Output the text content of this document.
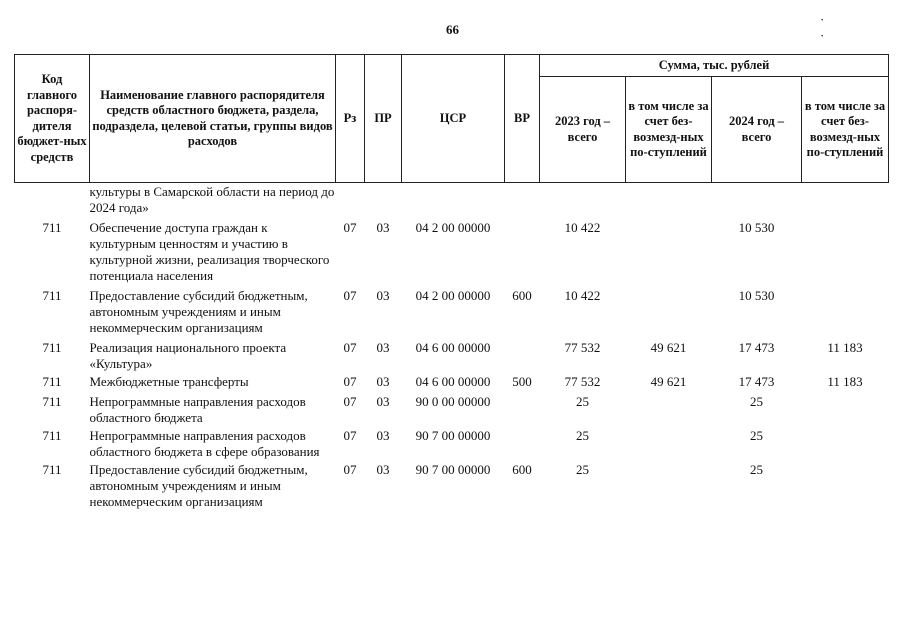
66
· ·
Код главного распоря-дителя бюджет-ных средств	Наименование главного распорядителя средств областного бюджета, раздела, подраздела, целевой статьи, группы видов расходов	Рз	ПР	ЦСР	ВР	Сумма, тыс. рублей			
						2023 год – всего	в том числе за счет без-возмезд-ных по-ступлений	2024 год – всего	в том числе за счет без-возмезд-ных по-ступлений
	культуры в Самарской области на период до 2024 года»								
711	Обеспечение доступа граждан к культурным ценностям и участию в культурной жизни, реализация творческого потенциала населения	07	03	04 2 00 00000		10 422		10 530	
711	Предоставление субсидий бюджетным, автономным учреждениям и иным некоммерческим организациям	07	03	04 2 00 00000	600	10 422		10 530	
711	Реализация национального проекта «Культура»	07	03	04 6 00 00000		77 532	49 621	17 473	11 183
711	Межбюджетные трансферты	07	03	04 6 00 00000	500	77 532	49 621	17 473	11 183
711	Непрограммные направления расходов областного бюджета	07	03	90 0 00 00000		25		25	
711	Непрограммные направления расходов областного бюджета в сфере образования	07	03	90 7 00 00000		25		25	
711	Предоставление субсидий бюджетным, автономным учреждениям и иным некоммерческим организациям	07	03	90 7 00 00000	600	25		25	
